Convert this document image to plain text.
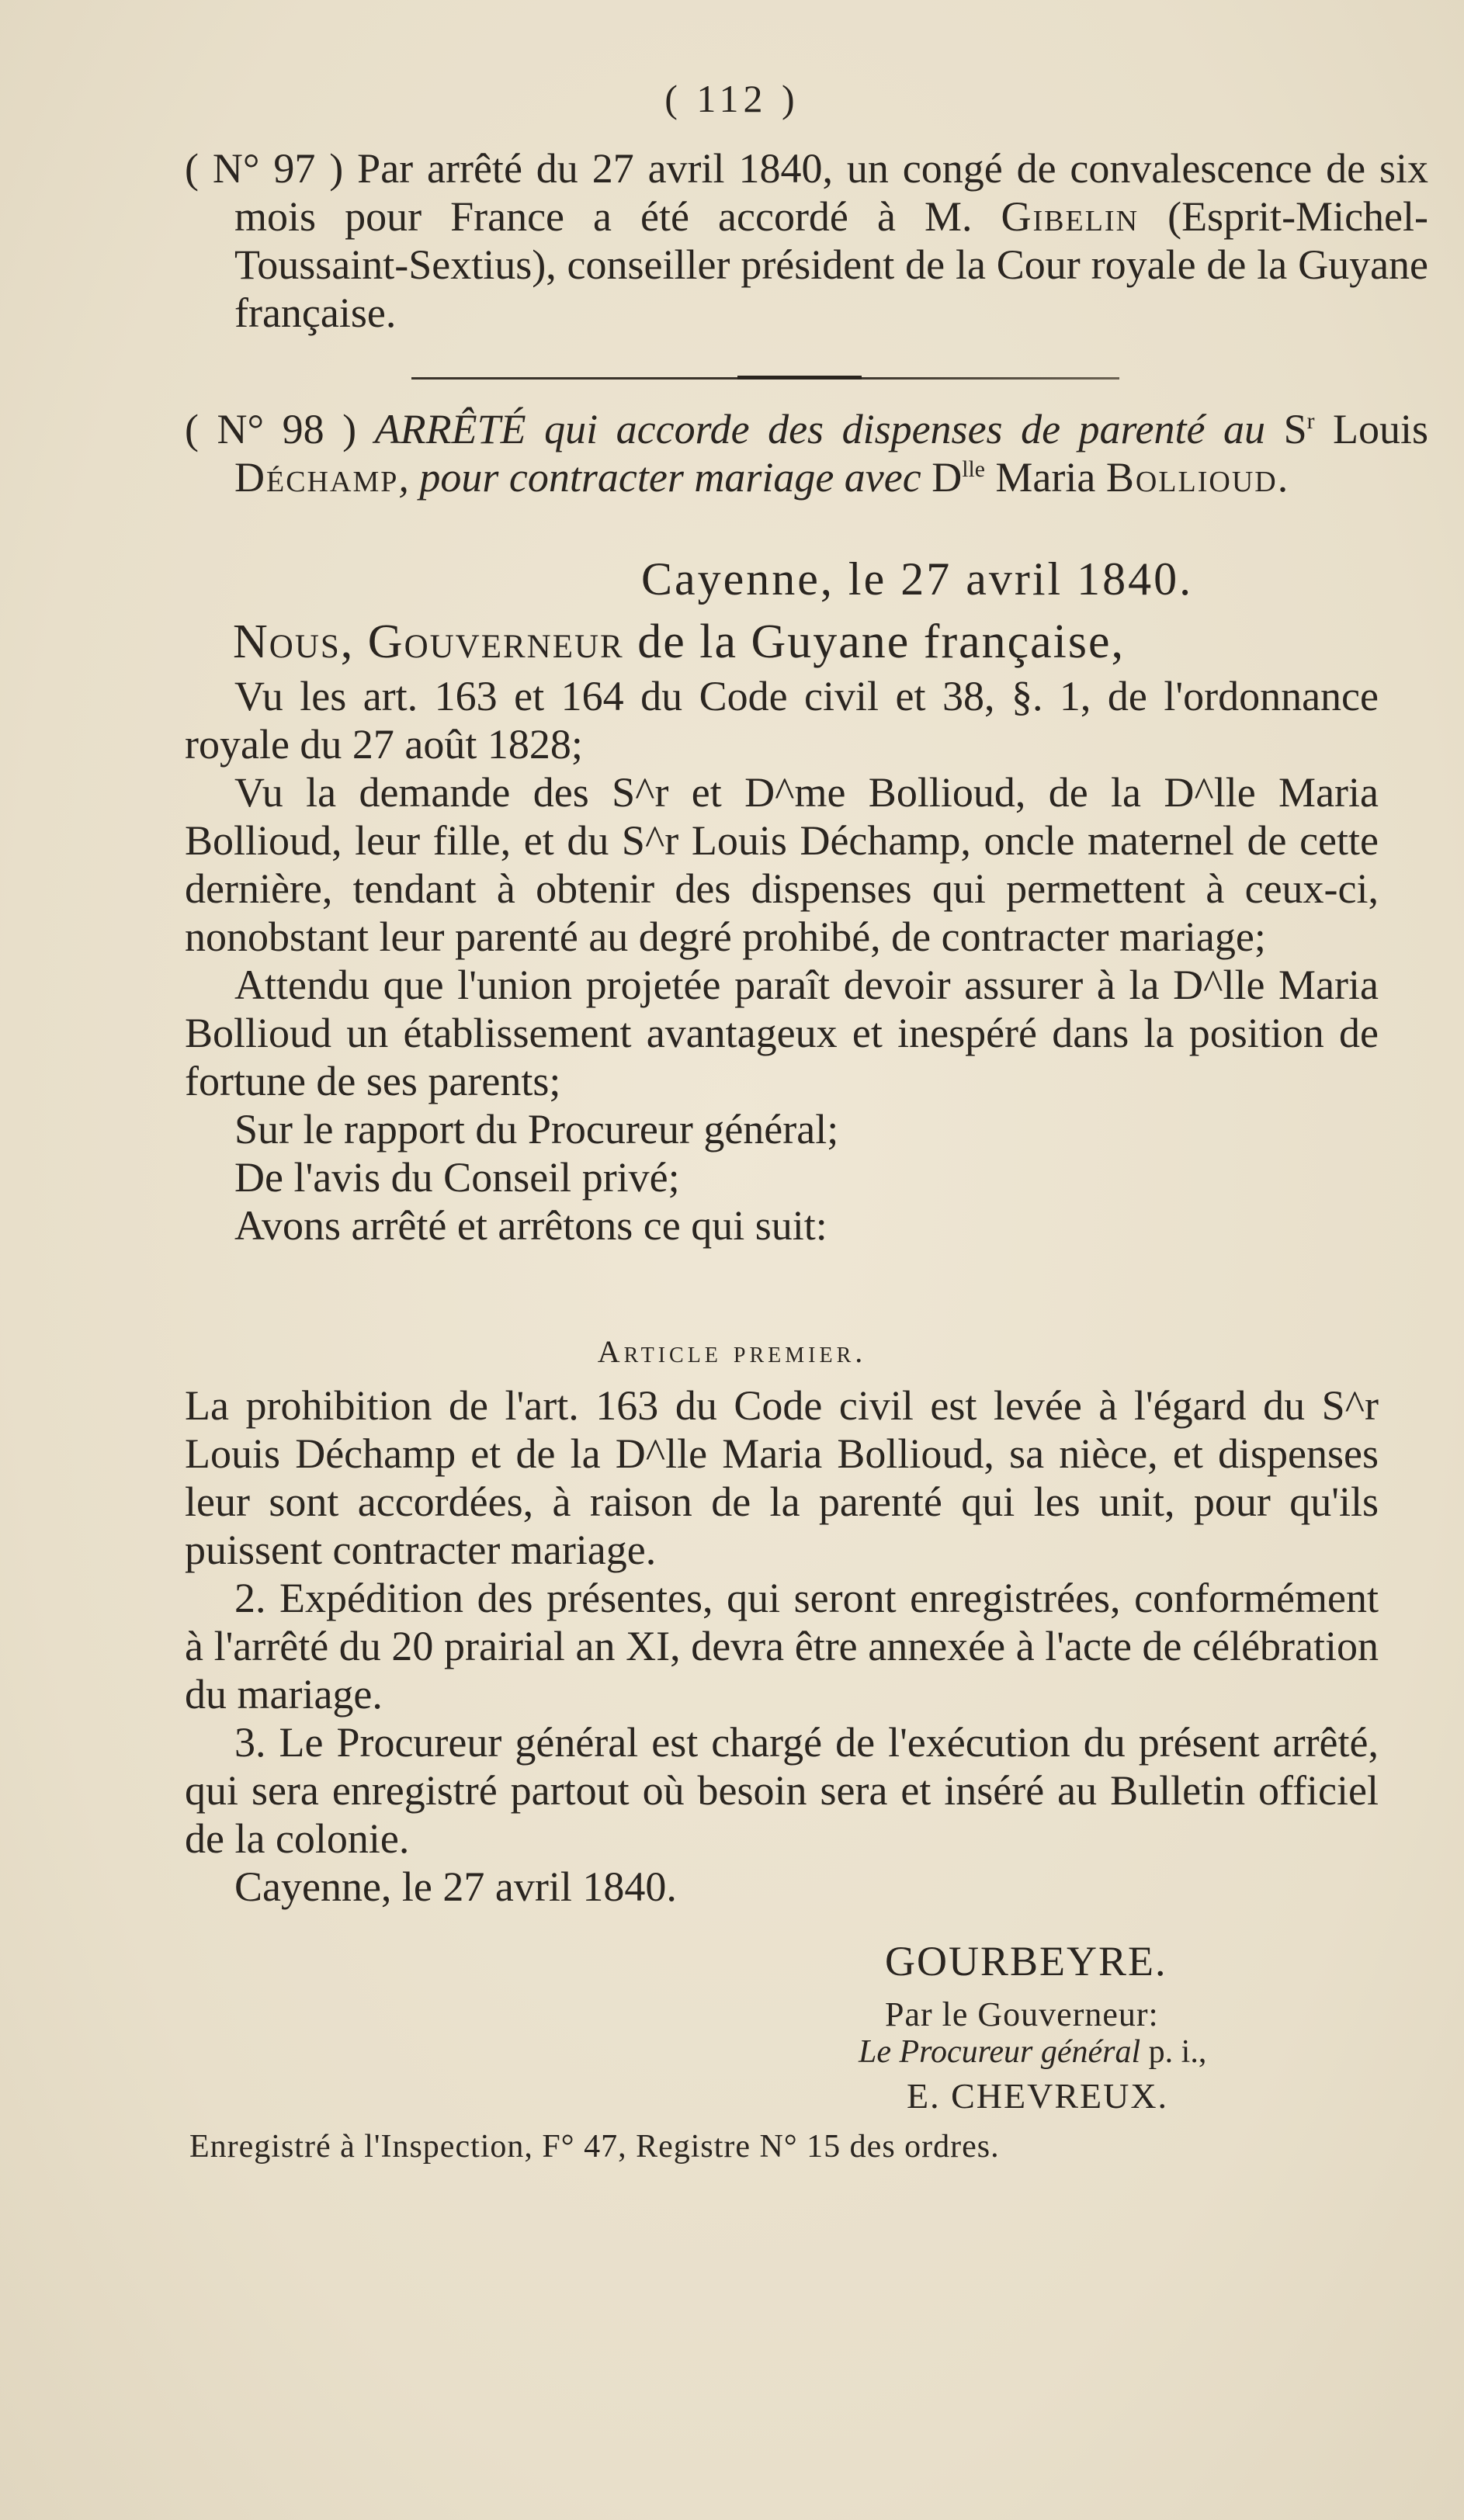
( 112 )
( N° 97 ) Par arrêté du 27 avril 1840, un congé de convalescence de six mois pour France a été accordé à M. Gibelin (Esprit-Michel-Toussaint-Sextius), conseiller président de la Cour royale de la Guyane française.
( N° 98 ) ARRÊTÉ qui accorde des dispenses de parenté au $S^r$ Louis Déchamp, pour contracter mariage avec $D^{lle}$ Maria Bollioud.
Cayenne, le 27 avril 1840.
Nous, Gouverneur de la Guyane française,

Vu les art. 163 et 164 du Code civil et 38, §. 1, de l'ordonnance royale du 27 août 1828;

Vu la demande des S^r et D^me Bollioud, de la D^lle Maria Bollioud, leur fille, et du S^r Louis Déchamp, oncle maternel de cette dernière, tendant à obtenir des dispenses qui permettent à ceux-ci, nonobstant leur parenté au degré prohibé, de contracter mariage;

Attendu que l'union projetée paraît devoir assurer à la D^lle Maria Bollioud un établissement avantageux et inespéré dans la position de fortune de ses parents;

Sur le rapport du Procureur général;

De l'avis du Conseil privé;

Avons arrêté et arrêtons ce qui suit:

Article premier.

La prohibition de l'art. 163 du Code civil est levée à l'égard du S^r Louis Déchamp et de la D^lle Maria Bollioud, sa nièce, et dispenses leur sont accordées, à raison de la parenté qui les unit, pour qu'ils puissent contracter mariage.

2. Expédition des présentes, qui seront enregistrées, conformément à l'arrêté du 20 prairial an XI, devra être annexée à l'acte de célébration du mariage.

3. Le Procureur général est chargé de l'exécution du présent arrêté, qui sera enregistré partout où besoin sera et inséré au Bulletin officiel de la colonie.

Cayenne, le 27 avril 1840.

GOURBEYRE.
Par le Gouverneur:
Le Procureur général p. i.,
E. CHEVREUX.
Enregistré à l'Inspection, F° 47, Registre N° 15 des ordres.
